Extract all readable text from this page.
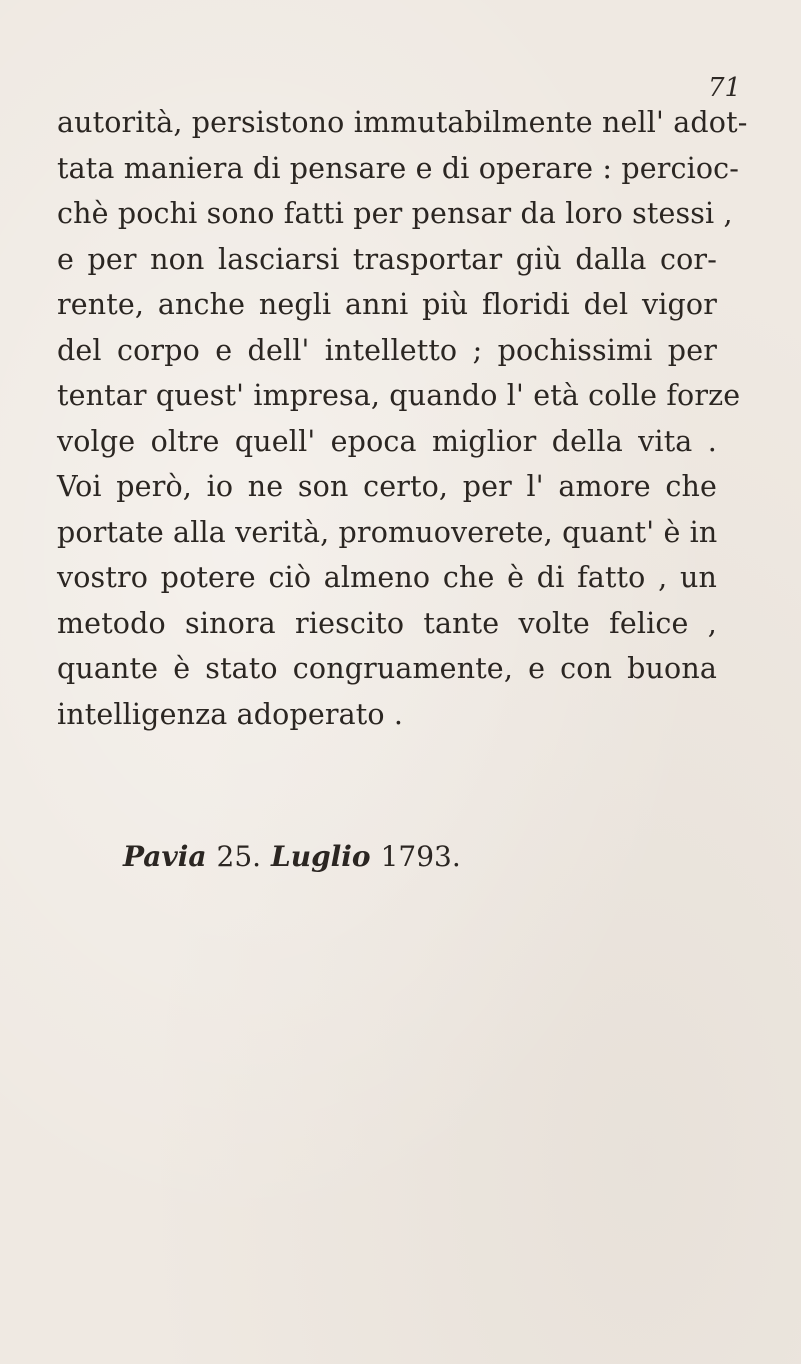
71
autorità, persistono immutabilmente nell' adot-
tata maniera di pensare e di operare : percioc-
chè pochi sono fatti per pensar da loro stessi ,
e per non lasciarsi trasportar giù dalla cor-
rente, anche negli anni più floridi del vigor
del corpo e dell' intelletto ; pochissimi per
tentar quest' impresa, quando l' età colle forze
volge oltre quell' epoca miglior della vita .
Voi però, io ne son certo, per l' amore che
portate alla verità, promuoverete, quant' è in
vostro potere ciò almeno che è di fatto , un
metodo sinora riescito tante volte felice ,
quante è stato congruamente, e con buona
intelligenza adoperato .
Pavia 25. Luglio 1793.
